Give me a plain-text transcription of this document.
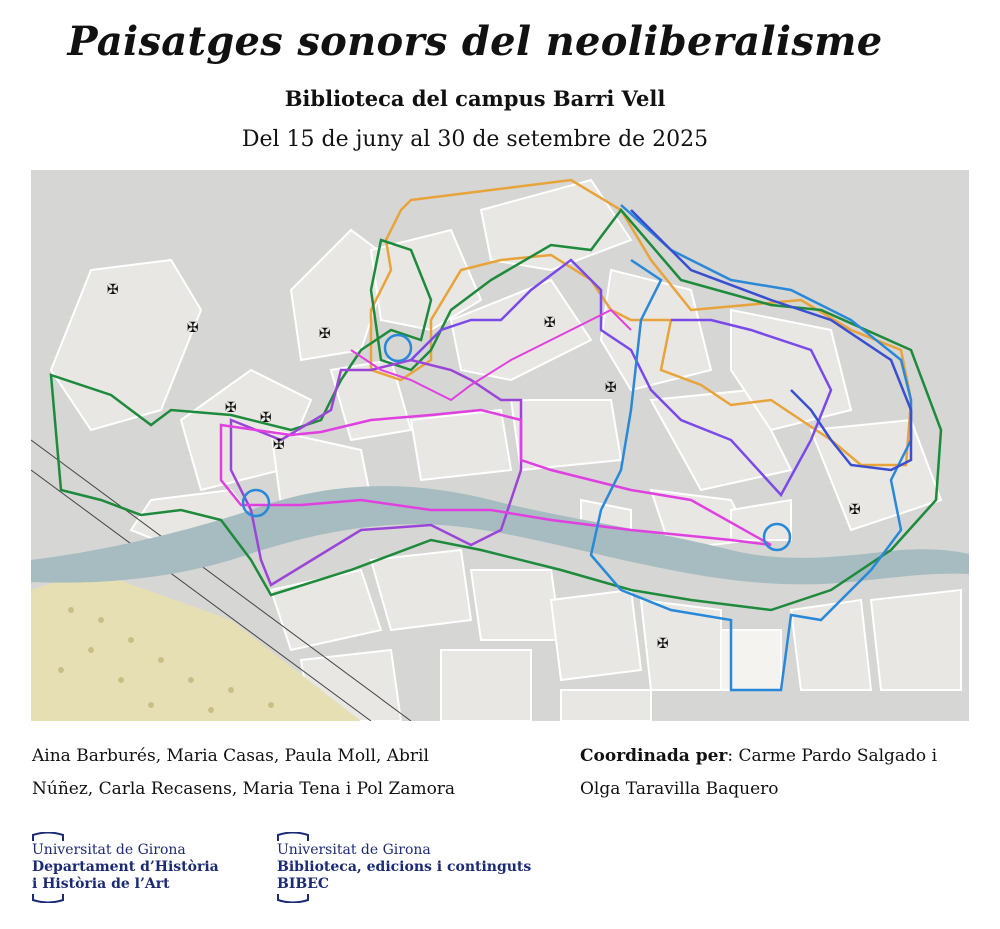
Paisatges sonors del neoliberalisme
Biblioteca del campus Barri Vell
Del 15 de juny al 30 de setembre de 2025
✠
✠	✠
✠
✠
✠
✠
✠
✠
✠
Aina Barburés, Maria Casas, Paula Moll, Abril
Núñez, Carla Recasens, Maria Tena i Pol Zamora
Coordinada per: Carme Pardo Salgado i
Olga Taravilla Baquero
Universitat de Girona
Departament d’Història
i Història de l’Art
Universitat de Girona
Biblioteca, edicions i continguts
BIBEC
